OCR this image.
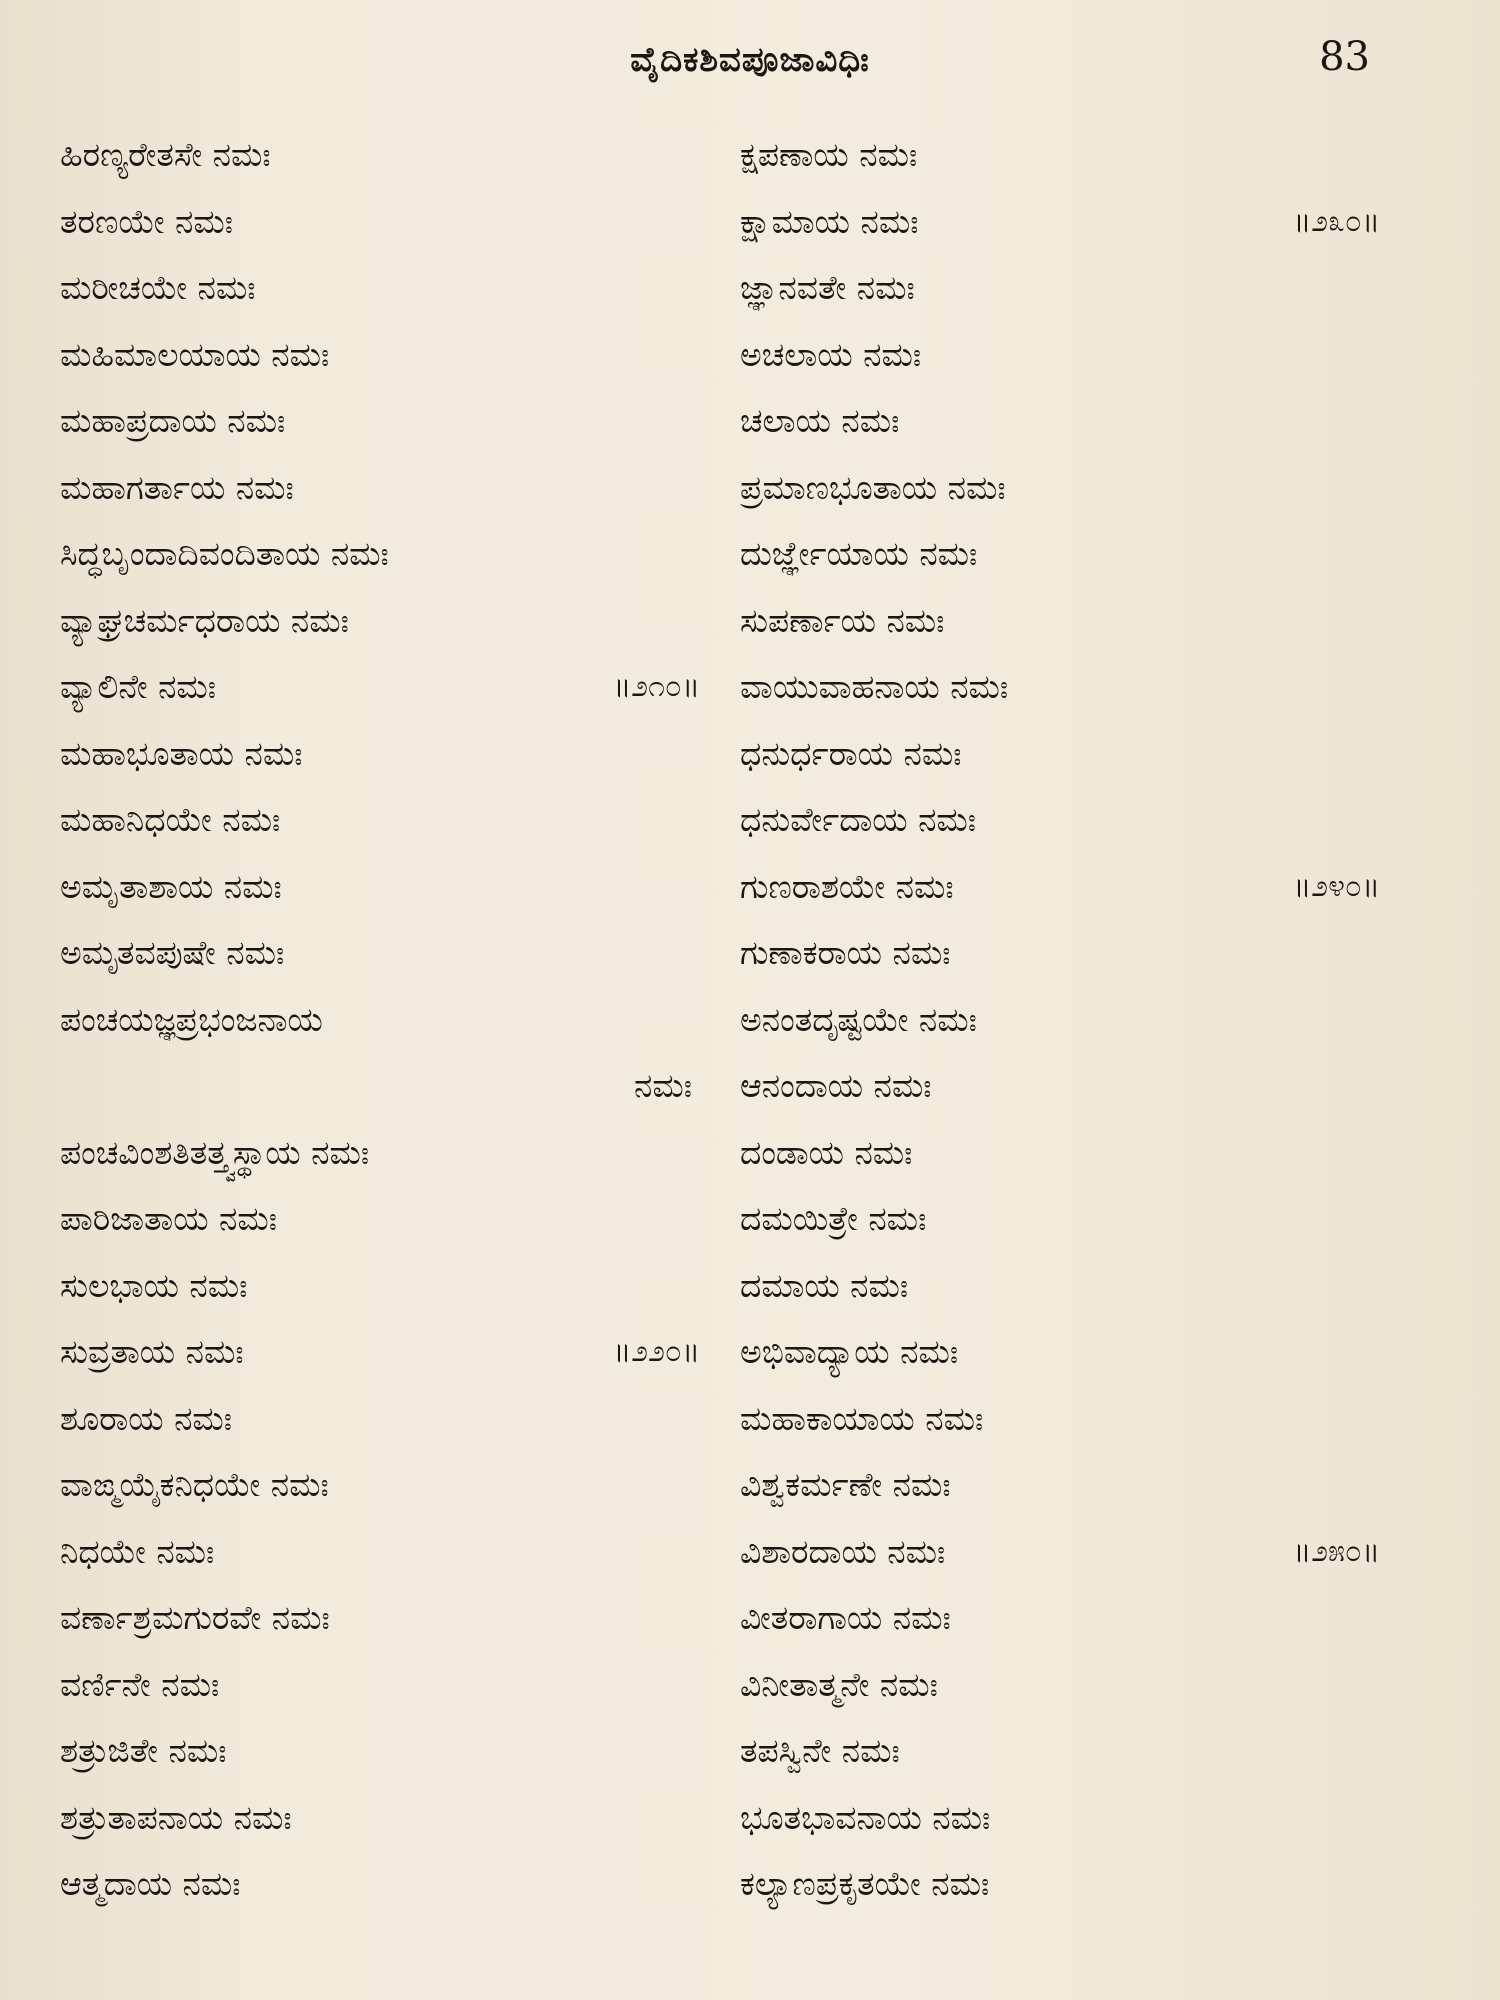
ವೈದಿಕಶಿವಪೂಜಾವಿಧಿಃ	83
ಹಿರಣ್ಯರೇತಸೇ ನಮಃ
ತರಣಯೇ ನಮಃ
ಮರೀಚಯೇ ನಮಃ
ಮಹಿಮಾಲಯಾಯ ನಮಃ
ಮಹಾಪ್ರದಾಯ ನಮಃ
ಮಹಾಗರ್ತಾಯ ನಮಃ
ಸಿದ್ಧಬೃಂದಾದಿವಂದಿತಾಯ ನಮಃ
ವ್ಯಾಘ್ರಚರ್ಮಧರಾಯ ನಮಃ
ವ್ಯಾಲಿನೇ ನಮಃ	॥೨೧೦॥
ಮಹಾಭೂತಾಯ ನಮಃ
ಮಹಾನಿಧಯೇ ನಮಃ
ಅಮೃತಾಶಾಯ ನಮಃ
ಅಮೃತವಪುಷೇ ನಮಃ
ಪಂಚಯಜ್ಞಪ್ರಭಂಜನಾಯ
ನಮಃ
ಪಂಚವಿಂಶತಿತತ್ತ್ವಸ್ಥಾಯ ನಮಃ
ಪಾರಿಜಾತಾಯ ನಮಃ
ಸುಲಭಾಯ ನಮಃ
ಸುವ್ರತಾಯ ನಮಃ	॥೨೨೦॥
ಶೂರಾಯ ನಮಃ
ವಾಙ್ಮಯೈಕನಿಧಯೇ ನಮಃ
ನಿಧಯೇ ನಮಃ
ವರ್ಣಾಶ್ರಮಗುರವೇ ನಮಃ
ವರ್ಣಿನೇ ನಮಃ
ಶತ್ರುಜಿತೇ ನಮಃ
ಶತ್ರುತಾಪನಾಯ ನಮಃ
ಆತ್ಮದಾಯ ನಮಃ
ಕ್ಷಪಣಾಯ ನಮಃ
ಕ್ಷಾಮಾಯ ನಮಃ	॥೨೩೦॥
ಜ್ಞಾನವತೇ ನಮಃ
ಅಚಲಾಯ ನಮಃ
ಚಲಾಯ ನಮಃ
ಪ್ರಮಾಣಭೂತಾಯ ನಮಃ
ದುರ್ಜ್ಞೇಯಾಯ ನಮಃ
ಸುಪರ್ಣಾಯ ನಮಃ
ವಾಯುವಾಹನಾಯ ನಮಃ
ಧನುರ್ಧರಾಯ ನಮಃ
ಧನುರ್ವೇದಾಯ ನಮಃ
ಗುಣರಾಶಯೇ ನಮಃ	॥೨೪೦॥
ಗುಣಾಕರಾಯ ನಮಃ
ಅನಂತದೃಷ್ಟಯೇ ನಮಃ
ಆನಂದಾಯ ನಮಃ
ದಂಡಾಯ ನಮಃ
ದಮಯಿತ್ರೇ ನಮಃ
ದಮಾಯ ನಮಃ
ಅಭಿವಾದ್ಯಾಯ ನಮಃ
ಮಹಾಕಾಯಾಯ ನಮಃ
ವಿಶ್ವಕರ್ಮಣೇ ನಮಃ
ವಿಶಾರದಾಯ ನಮಃ	॥೨೫೦॥
ವೀತರಾಗಾಯ ನಮಃ
ವಿನೀತಾತ್ಮನೇ ನಮಃ
ತಪಸ್ವಿನೇ ನಮಃ
ಭೂತಭಾವನಾಯ ನಮಃ
ಕಲ್ಯಾಣಪ್ರಕೃತಯೇ ನಮಃ
